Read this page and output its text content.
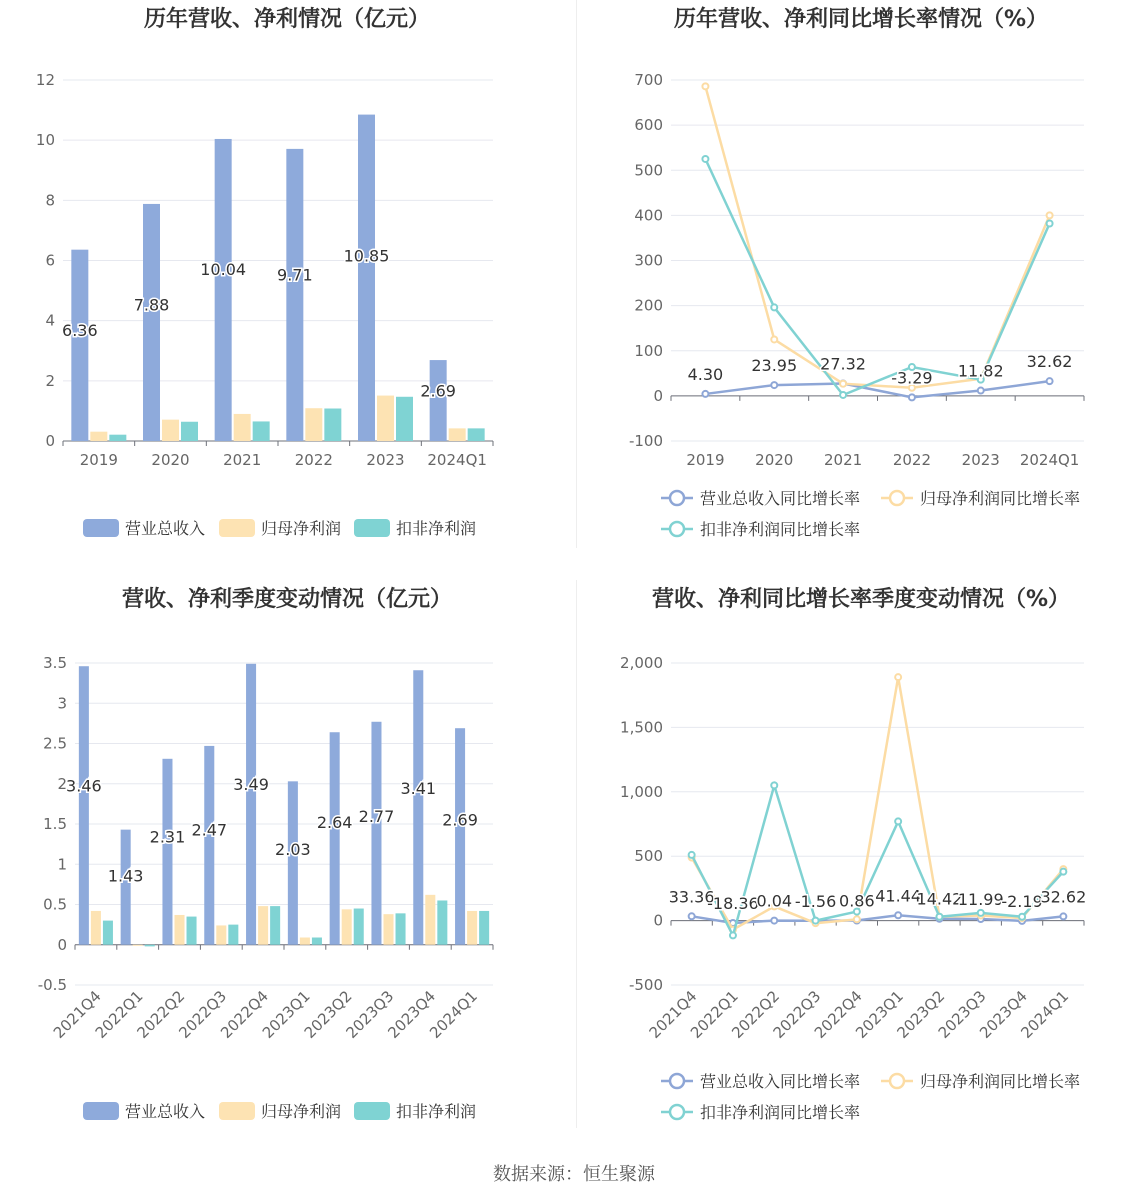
历年营收、净利情况（亿元）
0
2
4
6
8
10
12
2019 2020 2021 2022 2023 2024Q1
6.36
7.88
10.04 9.71
10.85
2.69
营业总收入	归母净利润	扣非净利润
历年营收、净利同比增长率情况（%）
-100
0
100
200
300
400
500
600
700
2019 2020 2021 2022 2023 2024Q1
4.30 23.95 27.32
-3.29 11.82 32.62
营业总收入同比增长率	归母净利润同比增长率
扣非净利润同比增长率
营收、净利季度变动情况（亿元）
-0.5
0
0.5
1
1.5
2
2.5
3
3.5
2021Q4
2022Q1
2022Q2
2022Q3
2022Q4
2023Q1
2023Q2
2023Q3
2023Q4
2024Q1
3.46
1.43
2.31 2.47
3.49
2.03
2.64 2.77
3.41
2.69
营业总收入	归母净利润	扣非净利润
营收、净利同比增长率季度变动情况（%）
-500
0
500
1,000
1,500
2,000
2021Q4
2022Q1
2022Q2
2022Q3
2022Q4
2023Q1
2023Q2
2023Q3
2023Q4
2024Q1
33.36
-18.36
0.04 -1.56 0.86 41.44
14.42
11.99
-2.19
32.62
营业总收入同比增长率	归母净利润同比增长率
扣非净利润同比增长率
数据来源：恒生聚源
